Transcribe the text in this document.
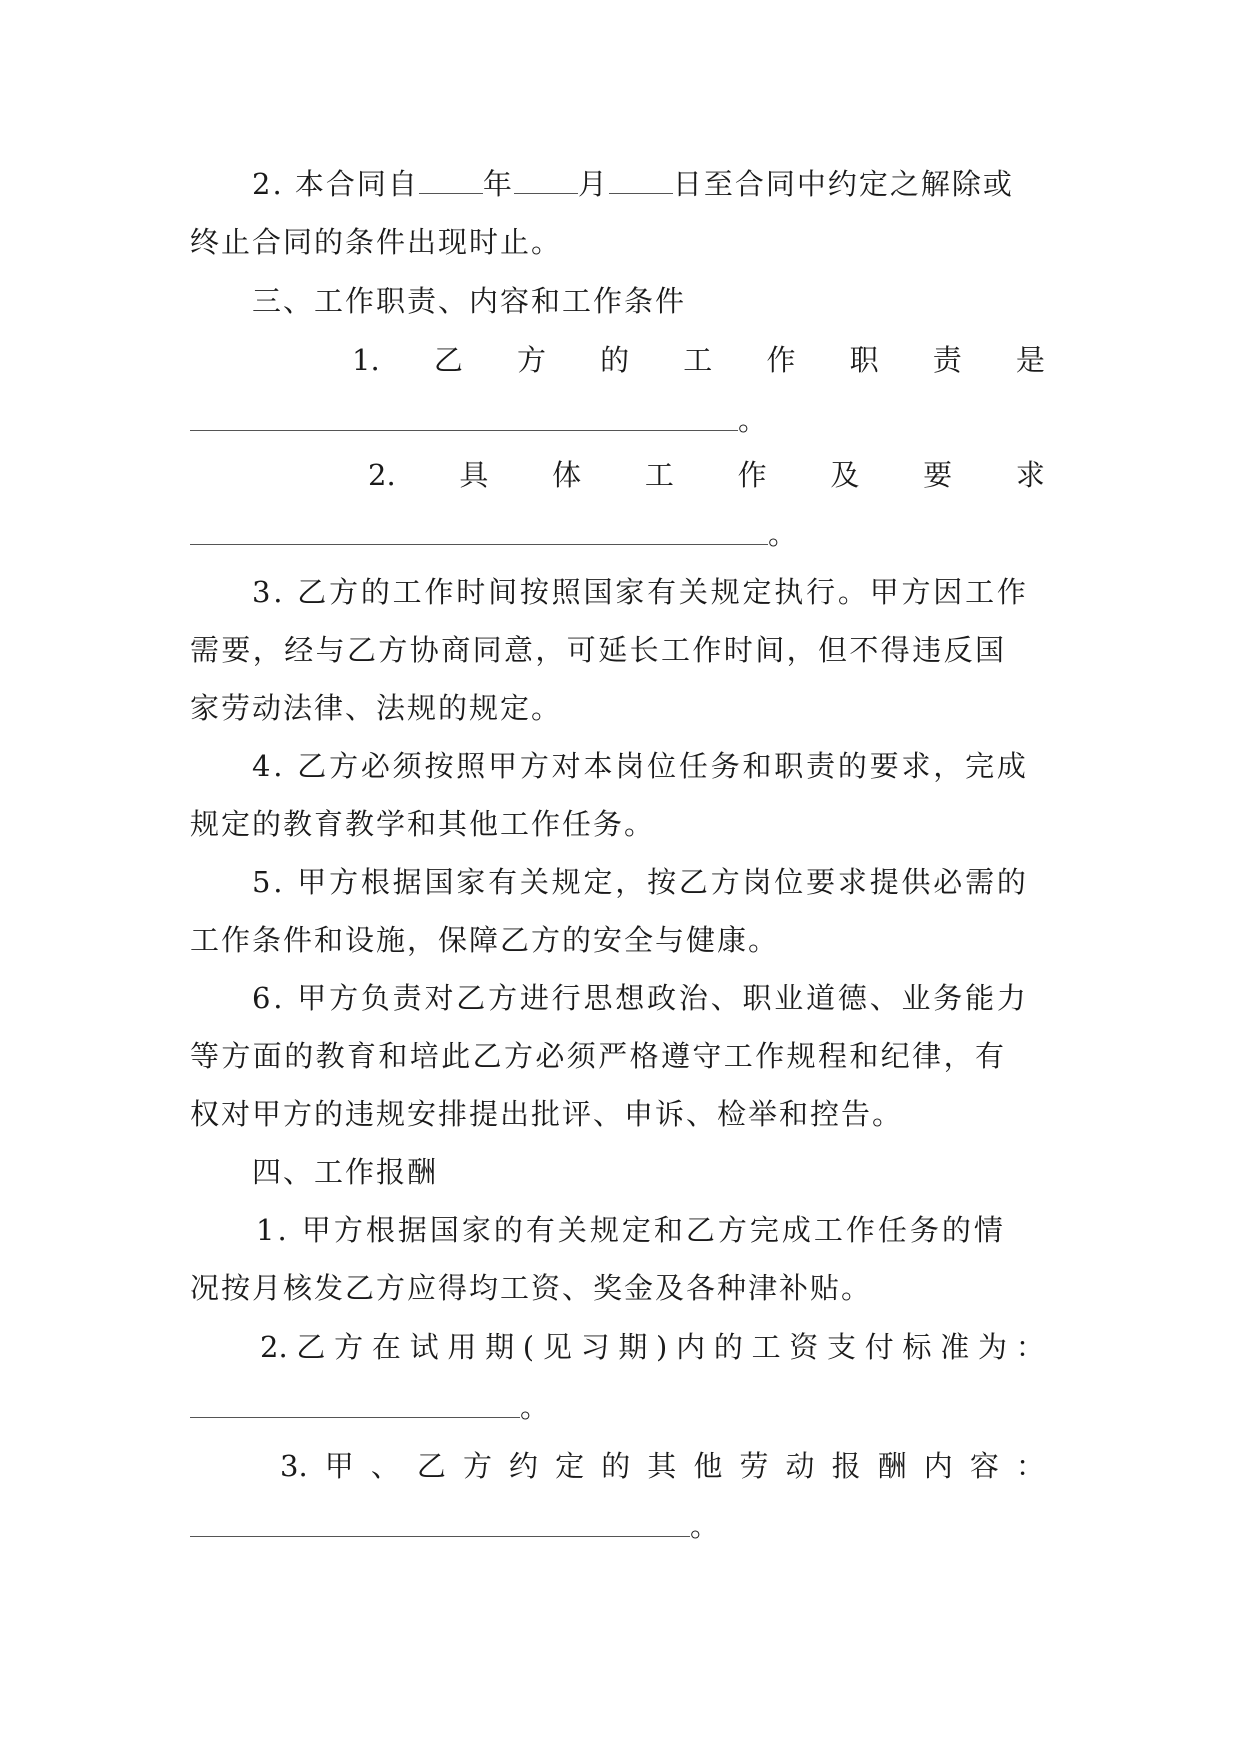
2. 本合同自 年 月 日至合同中约定之解除或
终止合同的条件出现时止。
三、工作职责、内容和工作条件
1. 乙 方 的 工 作 职 责 是
。
2. 具 体 工 作 及 要 求
。
3. 乙方的工作时间按照国家有关规定执行。甲方因工作
需要，经与乙方协商同意，可延长工作时间，但不得违反国
家劳动法律、法规的规定。
4. 乙方必须按照甲方对本岗位任务和职责的要求，完成
规定的教育教学和其他工作任务。
5. 甲方根据国家有关规定，按乙方岗位要求提供必需的
工作条件和设施，保障乙方的安全与健康。
6. 甲方负责对乙方进行思想政治、职业道德、业务能力
等方面的教育和培此乙方必须严格遵守工作规程和纪律，有
权对甲方的违规安排提出批评、申诉、检举和控告。
四、工作报酬
1. 甲方根据国家的有关规定和乙方完成工作任务的情
况按月核发乙方应得均工资、奖金及各种津补贴。
2. 乙 方 在 试 用 期 ( 见 习 期 ) 内 的 工 资 支 付 标 准 为 ：
。
3. 甲 、 乙 方 约 定 的 其 他 劳 动 报 酬 内 容 ：
。
